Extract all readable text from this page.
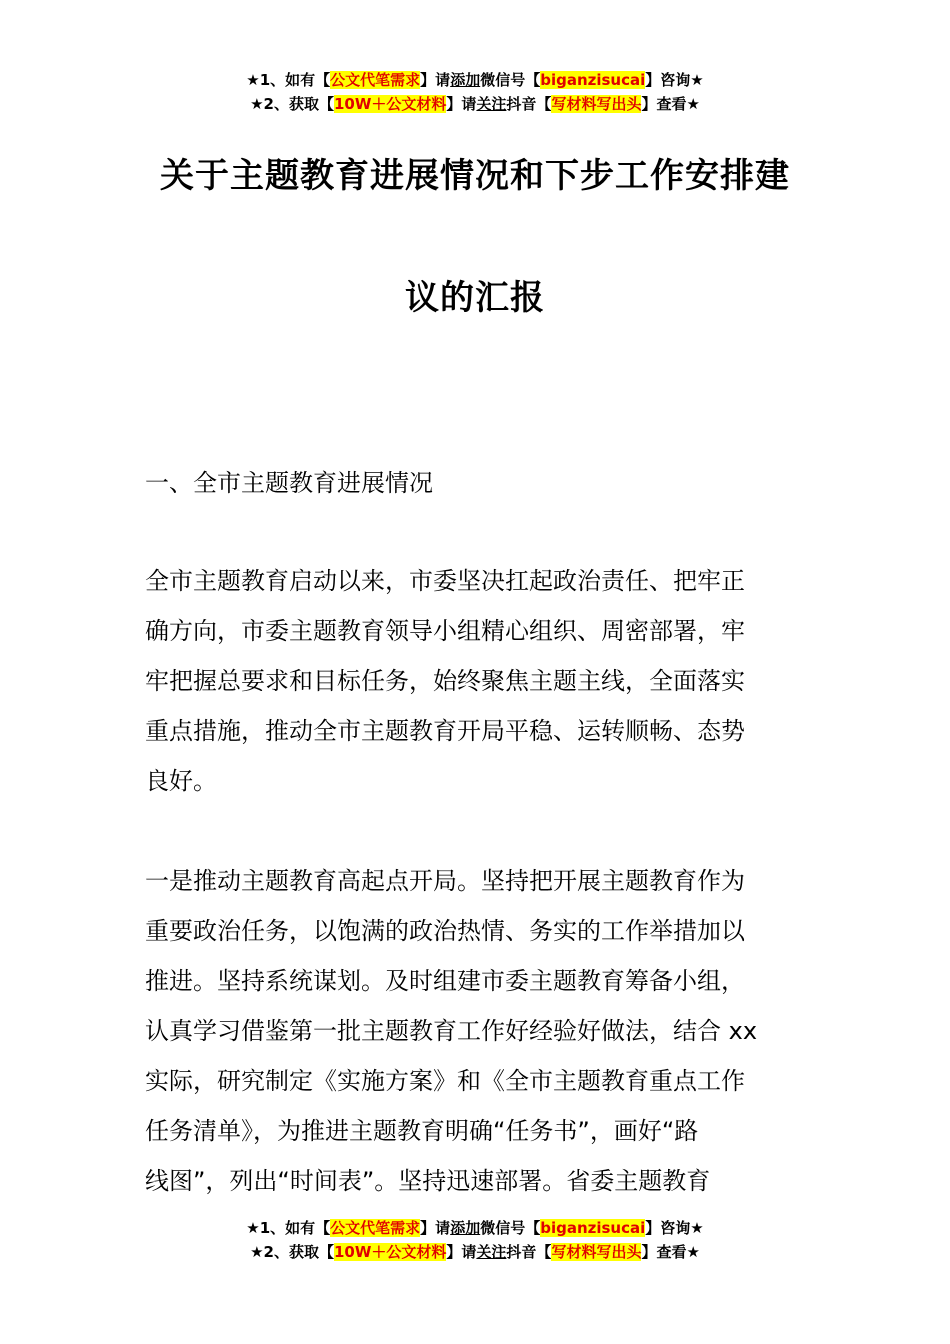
★1、如有【公文代笔需求】请添加微信号【biganzisucai】咨询★
★2、获取【10W＋公文材料】请关注抖音【写材料写出头】查看★
关于主题教育进展情况和下步工作安排建
议的汇报
一、全市主题教育进展情况
全市主题教育启动以来，市委坚决扛起政治责任、把牢正
确方向，市委主题教育领导小组精心组织、周密部署，牢
牢把握总要求和目标任务，始终聚焦主题主线，全面落实
重点措施，推动全市主题教育开局平稳、运转顺畅、态势
良好。
一是推动主题教育高起点开局。坚持把开展主题教育作为
重要政治任务，以饱满的政治热情、务实的工作举措加以
推进。坚持系统谋划。及时组建市委主题教育筹备小组，
认真学习借鉴第一批主题教育工作好经验好做法，结合 xx
实际，研究制定《实施方案》和《全市主题教育重点工作
任务清单》，为推进主题教育明确“任务书”，画好“路
线图”，列出“时间表”。坚持迅速部署。省委主题教育
★1、如有【公文代笔需求】请添加微信号【biganzisucai】咨询★
★2、获取【10W＋公文材料】请关注抖音【写材料写出头】查看★
